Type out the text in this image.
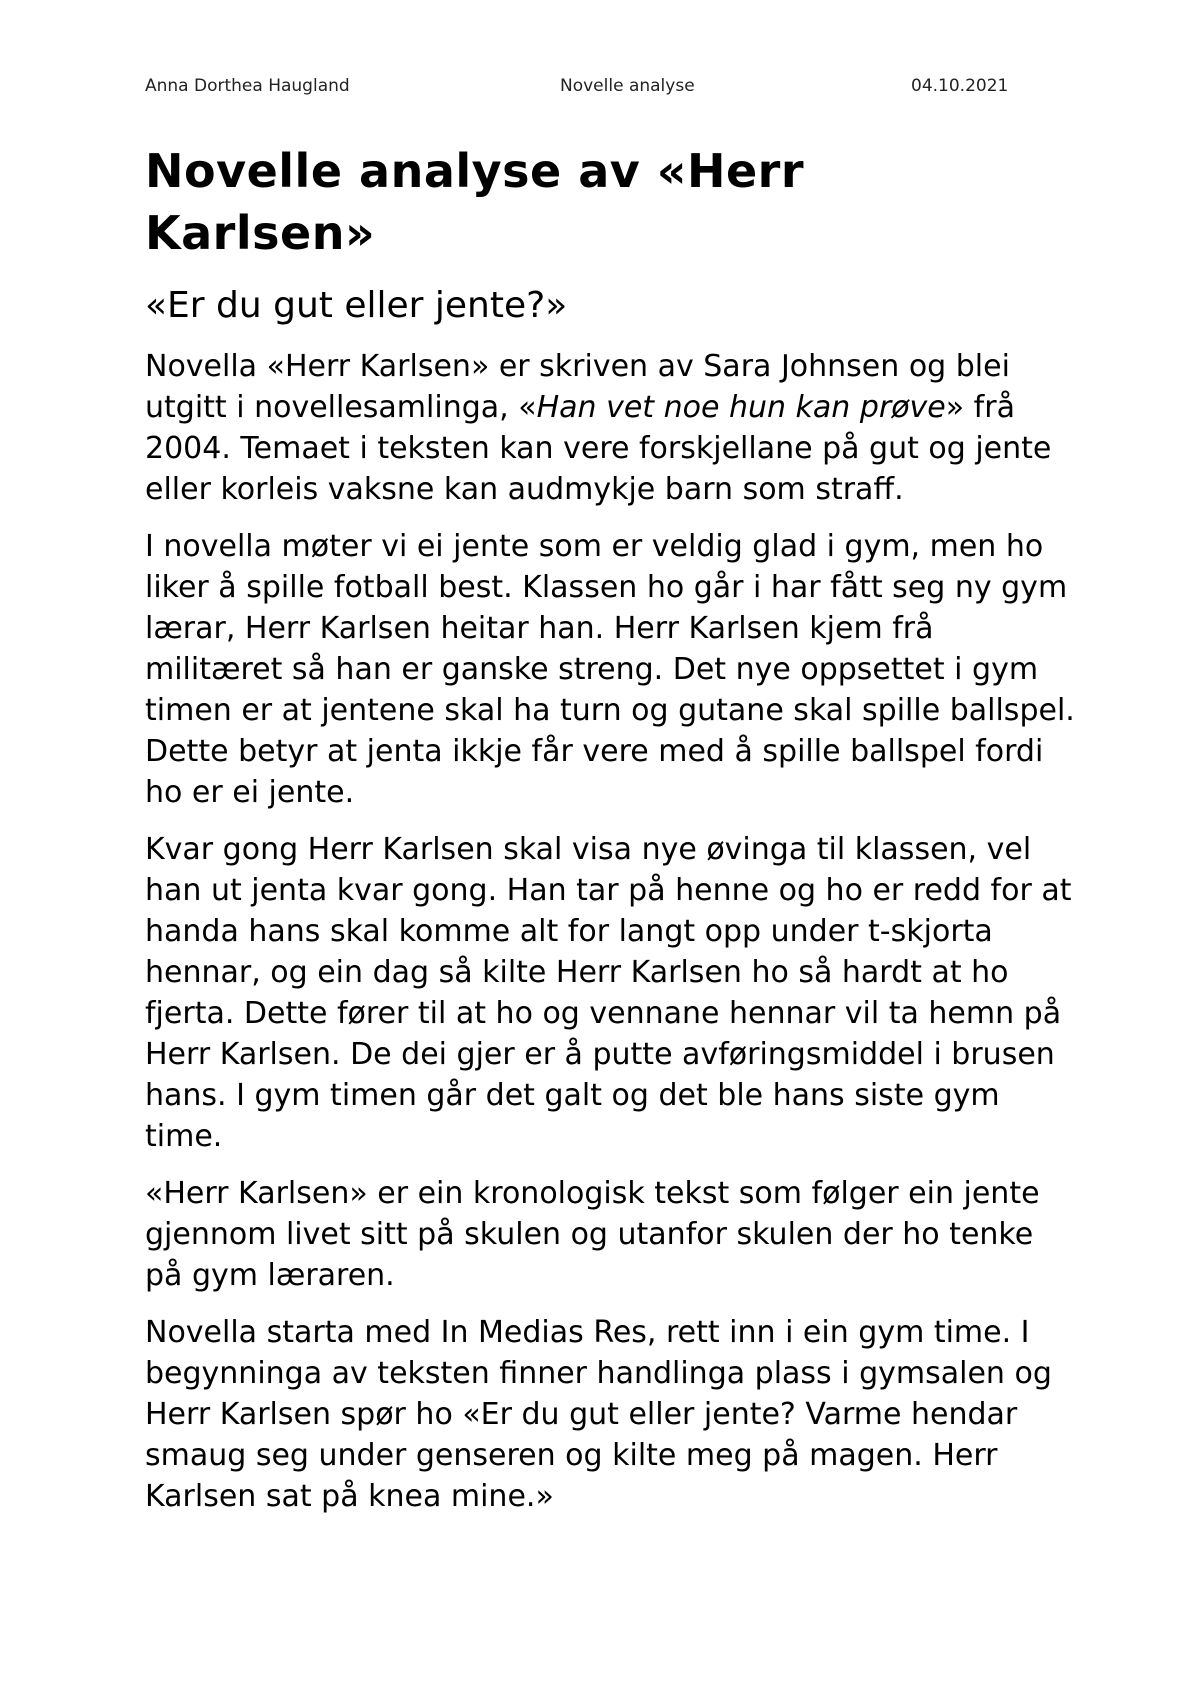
Anna Dorthea Haugland	Novelle analyse	04.10.2021
Novelle analyse av «Herr Karlsen»
«Er du gut eller jente?»

Novella «Herr Karlsen» er skriven av Sara Johnsen og blei utgitt i novellesamlinga, «Han vet noe hun kan prøve» frå 2004. Temaet i teksten kan vere forskjellane på gut og jente eller korleis vaksne kan audmykje barn som straff.

I novella møter vi ei jente som er veldig glad i gym, men ho liker å spille fotball best. Klassen ho går i har fått seg ny gym lærar, Herr Karlsen heitar han. Herr Karlsen kjem frå militæret så han er ganske streng. Det nye oppsettet i gym timen er at jentene skal ha turn og gutane skal spille ballspel. Dette betyr at jenta ikkje får vere med å spille ballspel fordi ho er ei jente.

Kvar gong Herr Karlsen skal visa nye øvinga til klassen, vel han ut jenta kvar gong. Han tar på henne og ho er redd for at handa hans skal komme alt for langt opp under t-skjorta hennar, og ein dag så kilte Herr Karlsen ho så hardt at ho fjerta. Dette fører til at ho og vennane hennar vil ta hemn på Herr Karlsen. De dei gjer er å putte avføringsmiddel i brusen hans. I gym timen går det galt og det ble hans siste gym time.

«Herr Karlsen» er ein kronologisk tekst som følger ein jente gjennom livet sitt på skulen og utanfor skulen der ho tenke på gym læraren.

Novella starta med In Medias Res, rett inn i ein gym time. I begynninga av teksten finner handlinga plass i gymsalen og Herr Karlsen spør ho «Er du gut eller jente? Varme hendar smaug seg under genseren og kilte meg på magen. Herr Karlsen sat på knea mine.»
